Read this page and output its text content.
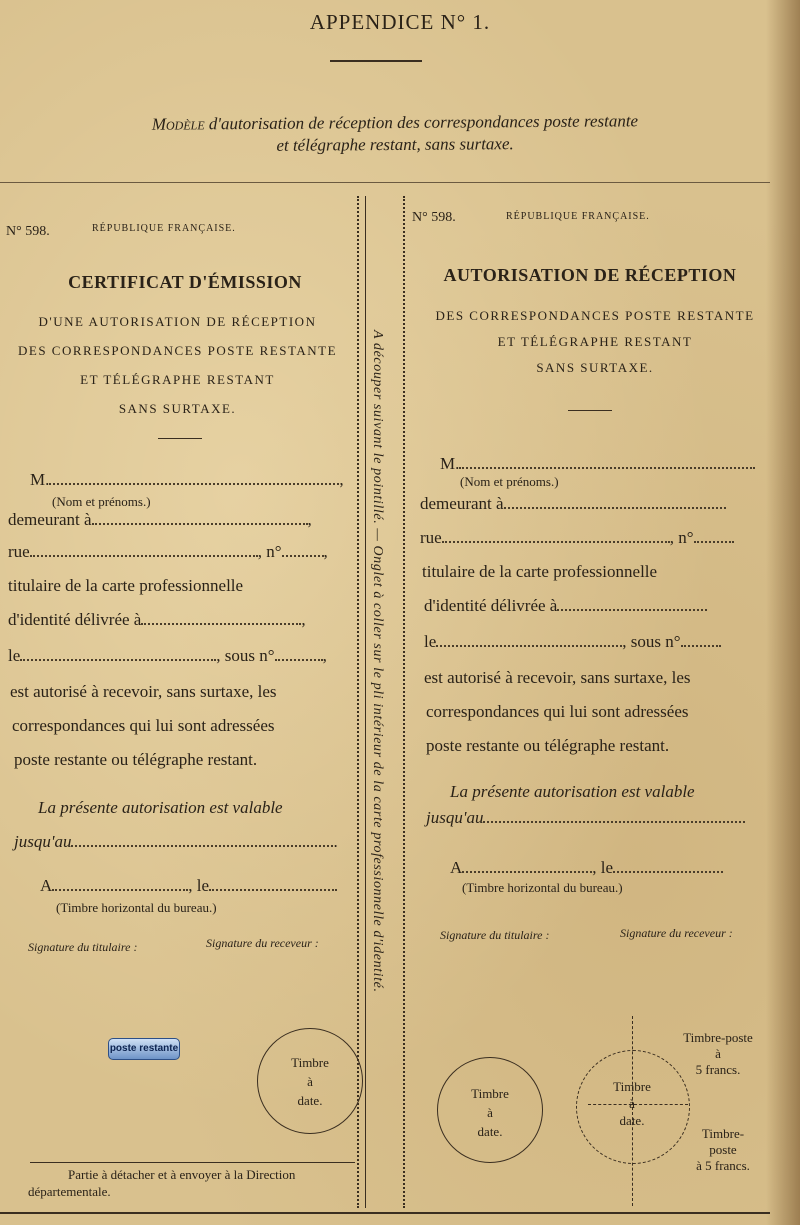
APPENDICE N° 1.
Modèle d'autorisation de réception des correspondances poste restante
et télégraphe restant, sans surtaxe.
A découper suivant le pointillé. — Onglet à coller sur le pli intérieur de la carte professionnelle d'identité.
N° 598.	RÉPUBLIQUE FRANÇAISE.
CERTIFICAT D'ÉMISSION
D'UNE AUTORISATION DE RÉCEPTION
DES CORRESPONDANCES POSTE RESTANTE
ET TÉLÉGRAPHE RESTANT
SANS SURTAXE.
M.	,
(Nom et prénoms.)
demeurant à	,
rue	, n° ,
titulaire de la carte professionnelle
d'identité délivrée à	,
le	, sous n°	,
est autorisé à recevoir, sans surtaxe, les
correspondances qui lui sont adressées
poste restante ou télégraphe restant.
La présente autorisation est valable
jusqu'au	.
A	, le
(Timbre horizontal du bureau.)
Signature du titulaire :	Signature du receveur :
poste restante
Timbre
à
date.
Partie à détacher et à envoyer à la Direction départementale.
N° 598.	RÉPUBLIQUE FRANÇAISE.
AUTORISATION DE RÉCEPTION
DES CORRESPONDANCES POSTE RESTANTE
ET TÉLÉGRAPHE RESTANT
SANS SURTAXE.
M.
(Nom et prénoms.)
demeurant à
rue	, n°
titulaire de la carte professionnelle
d'identité délivrée à
le	, sous n°
est autorisé à recevoir, sans surtaxe, les
correspondances qui lui sont adressées
poste restante ou télégraphe restant.
La présente autorisation est valable
jusqu'au
A	, le
(Timbre horizontal du bureau.)
Signature du titulaire :	Signature du receveur :
Timbre
à
date.
Timbre
à
date.
Timbre-poste
à
5 francs.
Timbre-
poste
à 5 francs.
